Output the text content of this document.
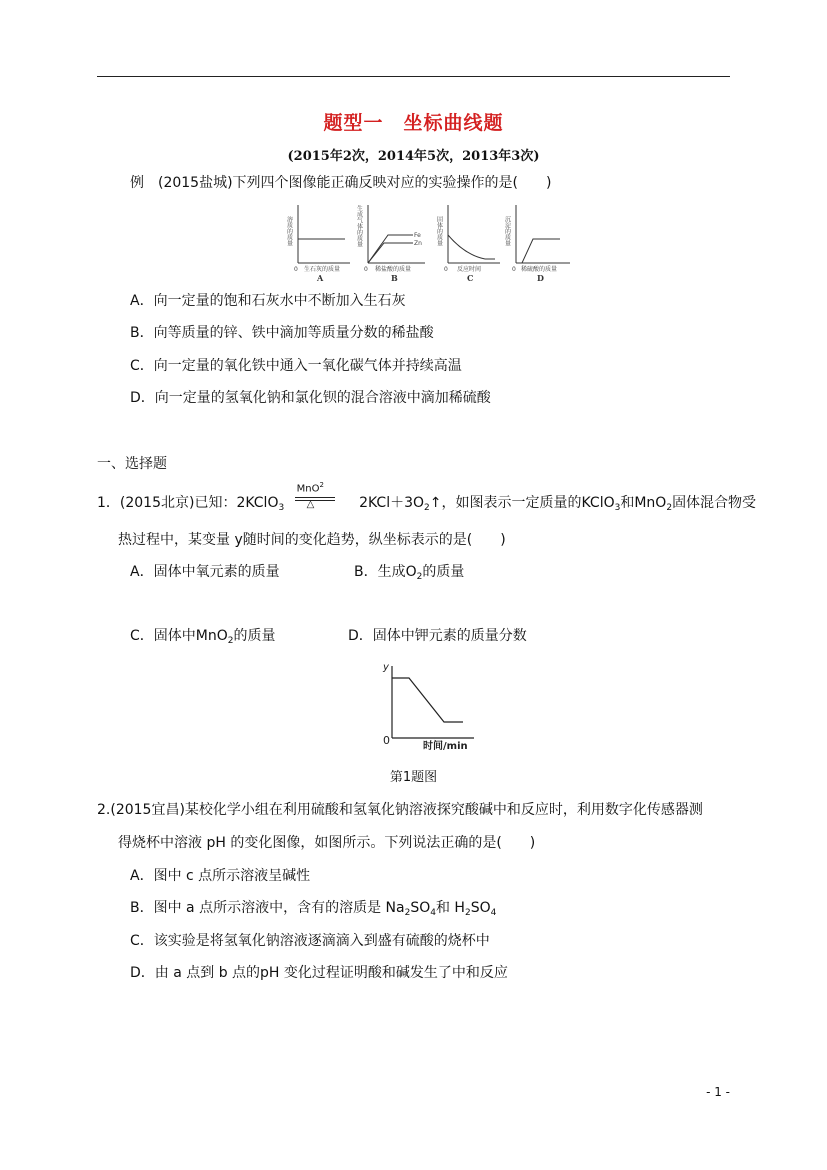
题型一　坐标曲线题
(2015年2次，2014年5次，2013年3次)
例　(2015盐城)下列四个图像能正确反映对应的实验操作的是(　　)
溶质的质量
0 生石灰的质量
A
生成气体的质量	Fe
Zn
0 稀盐酸的质量
B
固体的质量
0 反应时间
C
沉淀的质量
0 稀硫酸的质量
D
A．向一定量的饱和石灰水中不断加入生石灰
B．向等质量的锌、铁中滴加等质量分数的稀盐酸
C．向一定量的氧化铁中通入一氧化碳气体并持续高温
D．向一定量的氢氧化钠和氯化钡的混合溶液中滴加稀硫酸
一、选择题
1．(2015北京)已知：2KClO$_3$
MnO$^2$
△	$2KCl+3O_2↑$，如图表示一定质量的KClO$_3$和MnO$_2$固体混合物受
热过程中，某变量 y随时间的变化趋势，纵坐标表示的是(　　)
A．固体中氧元素的质量	B．生成$O_2$的质量
C．固体中MnO$_2$的质量	D．固体中钾元素的质量分数
y
0	时间/min
第1题图
2.(2015宜昌)某校化学小组在利用硫酸和氢氧化钠溶液探究酸碱中和反应时，利用数字化传感器测
得烧杯中溶液 pH 的变化图像，如图所示。下列说法正确的是(　　)
A．图中 c 点所示溶液呈碱性
B．图中 a 点所示溶液中，含有的溶质是 $Na_2SO_4$和 $H_2SO_4$
C．该实验是将氢氧化钠溶液逐滴滴入到盛有硫酸的烧杯中
D．由 a 点到 b 点的pH 变化过程证明酸和碱发生了中和反应
- 1 -
